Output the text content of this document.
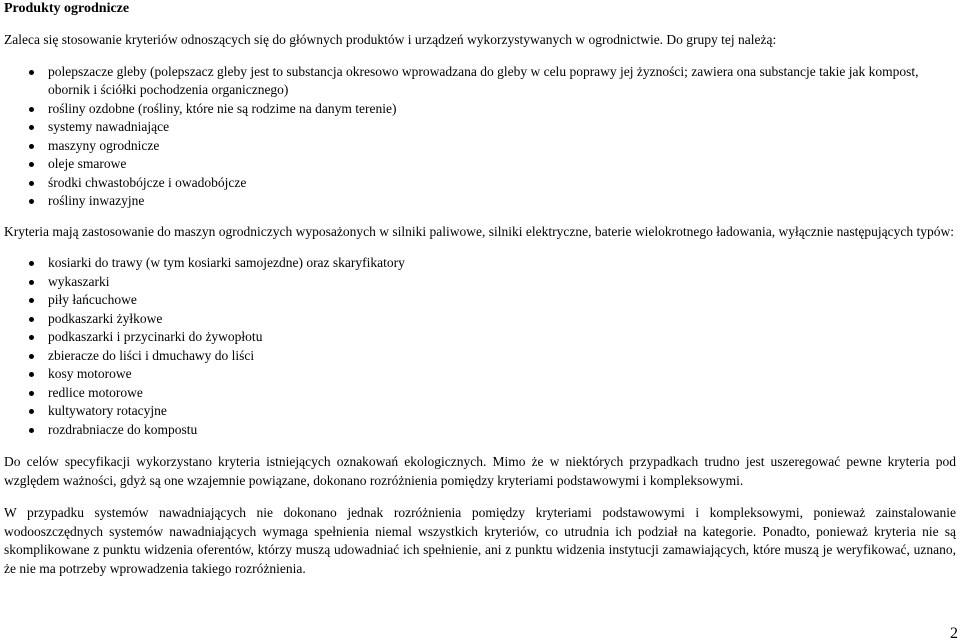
Produkty ogrodnicze

Zaleca się stosowanie kryteriów odnoszących się do głównych produktów i urządzeń wykorzystywanych w ogrodnictwie. Do grupy tej należą:

polepszacze gleby (polepszacz gleby jest to substancja okresowo wprowadzana do gleby w celu poprawy jej żyzności; zawiera ona substancje takie jak kompost, obornik i ściółki pochodzenia organicznego)
rośliny ozdobne (rośliny, które nie są rodzime na danym terenie)
systemy nawadniające
maszyny ogrodnicze
oleje smarowe
środki chwastobójcze i owadobójcze
rośliny inwazyjne

Kryteria mają zastosowanie do maszyn ogrodniczych wyposażonych w silniki paliwowe, silniki elektryczne, baterie wielokrotnego ładowania, wyłącznie następujących typów:

kosiarki do trawy (w tym kosiarki samojezdne) oraz skaryfikatory
wykaszarki
piły łańcuchowe
podkaszarki żyłkowe
podkaszarki i przycinarki do żywopłotu
zbieracze do liści i dmuchawy do liści
kosy motorowe
redlice motorowe
kultywatory rotacyjne
rozdrabniacze do kompostu

Do celów specyfikacji wykorzystano kryteria istniejących oznakowań ekologicznych. Mimo że w niektórych przypadkach trudno jest uszeregować pewne kryteria pod względem ważności, gdyż są one wzajemnie powiązane, dokonano rozróżnienia pomiędzy kryteriami podstawowymi i kompleksowymi.

W przypadku systemów nawadniających nie dokonano jednak rozróżnienia pomiędzy kryteriami podstawowymi i kompleksowymi, ponieważ zainstalowanie wodooszczędnych systemów nawadniających wymaga spełnienia niemal wszystkich kryteriów, co utrudnia ich podział na kategorie. Ponadto, ponieważ kryteria nie są skomplikowane z punktu widzenia oferentów, którzy muszą udowadniać ich spełnienie, ani z punktu widzenia instytucji zamawiających, które muszą je weryfikować, uznano, że nie ma potrzeby wprowadzenia takiego rozróżnienia.

2
